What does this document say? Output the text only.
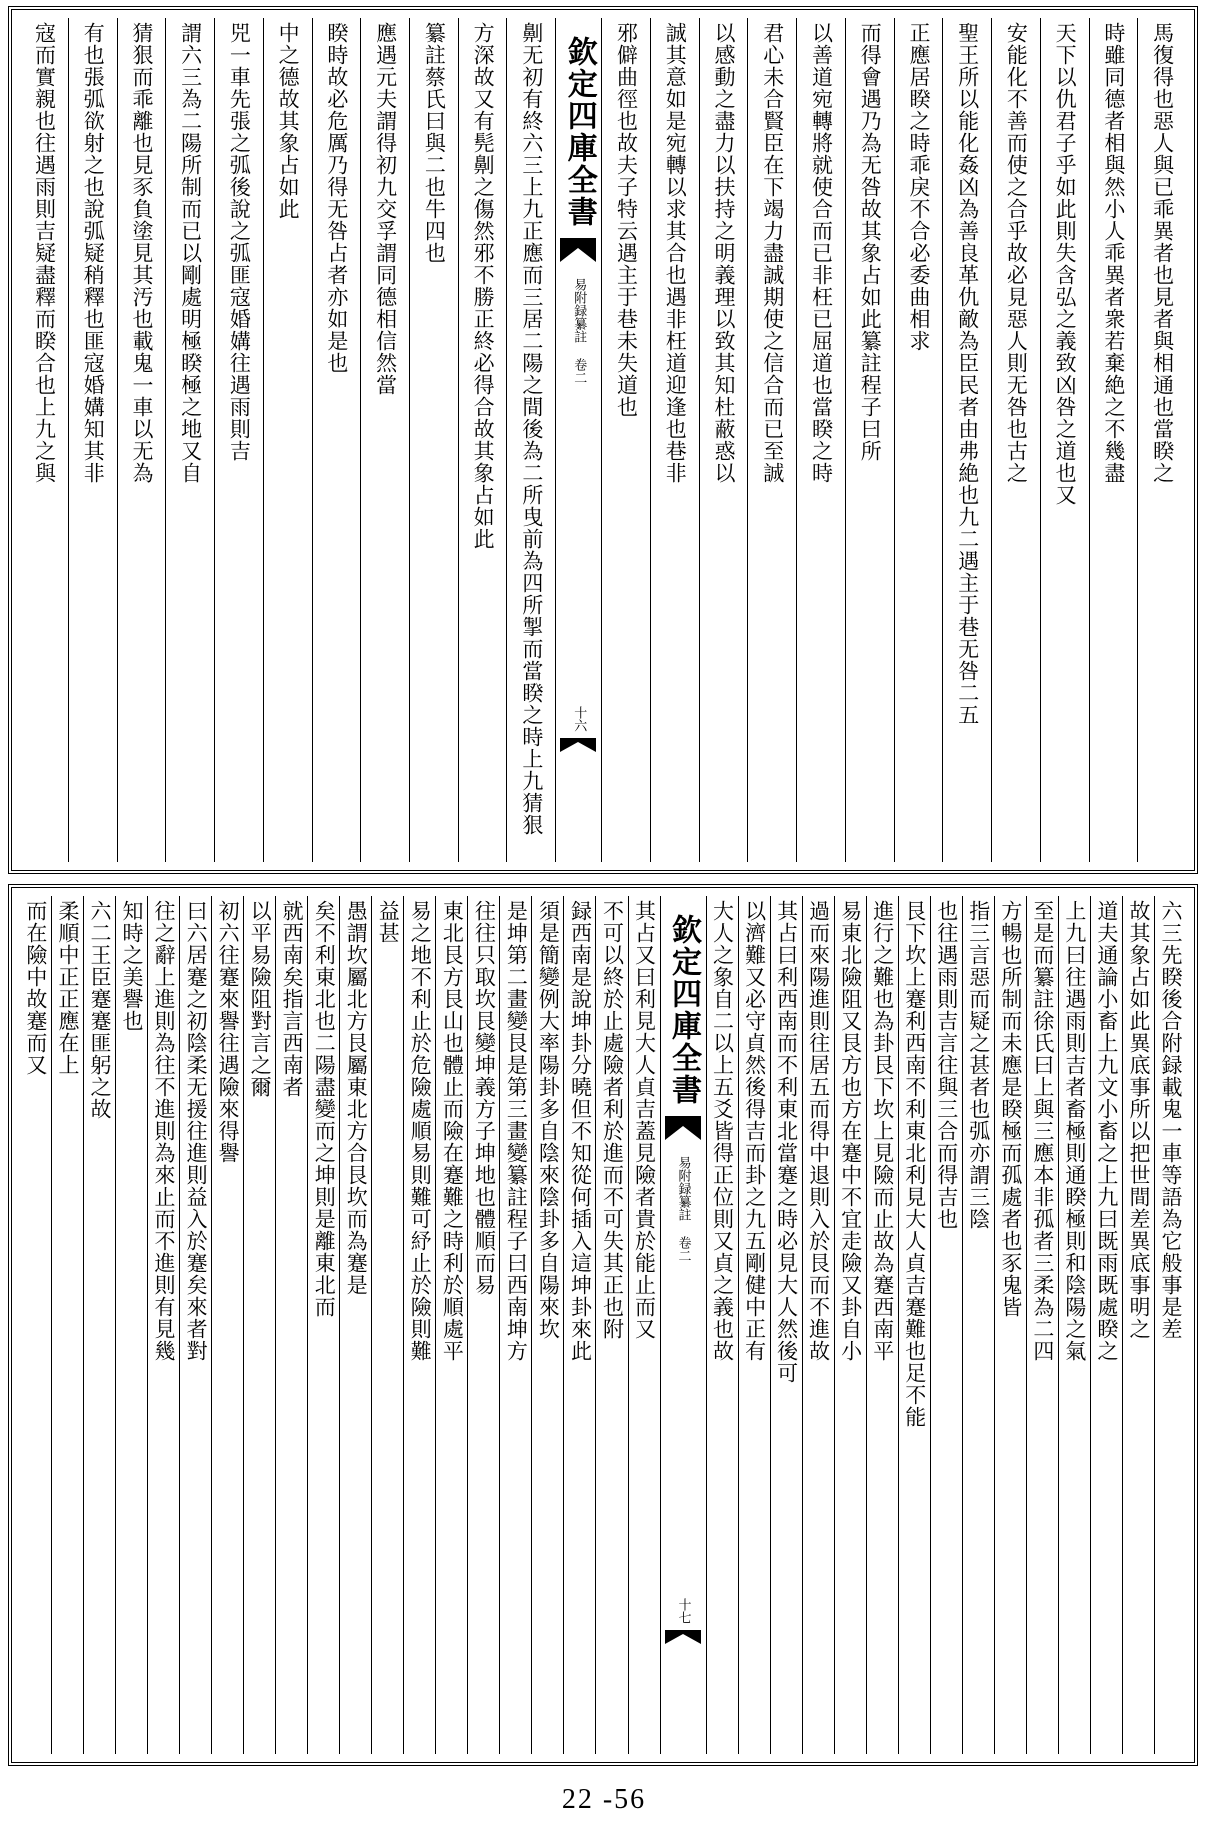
馬復得也惡人與已乖異者也見者與相通也當睽之
時雖同德者相與然小人乖異者衆若棄絶之不幾盡
天下以仇君子乎如此則失含弘之義致凶咎之道也又
安能化不善而使之合乎故必見惡人則无咎也古之
聖王所以能化姦凶為善良革仇敵為臣民者由弗絶也九二遇主于巷无咎二五
正應居睽之時乖戾不合必委曲相求
而得會遇乃為无咎故其象占如此纂註程子曰所
以善道宛轉將就使合而已非枉已屈道也當睽之時
君心未合賢臣在下竭力盡誠期使之信合而已至誠
以感動之盡力以扶持之明義理以致其知杜蔽惑以
誠其意如是宛轉以求其合也遇非枉道迎逢也巷非
邪僻曲徑也故夫子特云遇主于巷未失道也
欽定四庫全書
易附録纂註 卷二
十六
劓无初有終六三上九正應而三居二陽之間後為二所曳前為四所掣而當睽之時上九猜狠
方深故又有髡劓之傷然邪不勝正終必得合故其象占如此
纂註蔡氏曰與二也牛四也
應遇元夫謂得初九交孚謂同德相信然當
睽時故必危厲乃得无咎占者亦如是也
中之德故其象占如此
兕一車先張之弧後說之弧匪寇婚媾往遇雨則吉
謂六三為二陽所制而已以剛處明極睽極之地又自
猜狠而乖離也見豕負塗見其汚也載鬼一車以无為
有也張弧欲射之也說弧疑稍釋也匪寇婚媾知其非
寇而實親也往遇雨則吉疑盡釋而睽合也上九之與
六三先睽後合附録載鬼一車等語為它般事是差
故其象占如此異底事所以把世間差異底事明之
道夫通論小畜上九文小畜之上九曰既雨既處睽之
上九曰往遇雨則吉者畜極則通睽極則和陰陽之氣
至是而纂註徐氏曰上與三應本非孤者三柔為二四
方暢也所制而未應是睽極而孤處者也豕鬼皆
指三言惡而疑之甚者也弧亦謂三陰
也往遇雨則吉言往與三合而得吉也
艮下坎上蹇利西南不利東北利見大人貞吉蹇難也足不能
進行之難也為卦艮下坎上見險而止故為蹇西南平
易東北險阻又艮方也方在蹇中不宜走險又卦自小
過而來陽進則往居五而得中退則入於艮而不進故
其占曰利西南而不利東北當蹇之時必見大人然後可
以濟難又必守貞然後得吉而卦之九五剛健中正有
大人之象自二以上五爻皆得正位則又貞之義也故
欽定四庫全書
易附録纂註 卷二
十七
其占又曰利見大人貞吉蓋見險者貴於能止而又
不可以終於止處險者利於進而不可失其正也附
録西南是說坤卦分曉但不知從何插入這坤卦來此
須是簡變例大率陽卦多自陰來陰卦多自陽來坎
是坤第二畫變艮是第三畫變纂註程子曰西南坤方
往往只取坎艮變坤義方子坤地也體順而易
東北艮方艮山也體止而險在蹇難之時利於順處平
易之地不利止於危險處順易則難可紓止於險則難
益甚
愚謂坎屬北方艮屬東北方合艮坎而為蹇是
矣不利東北也二陽盡變而之坤則是離東北而
就西南矣指言西南者
以平易險阻對言之爾
初六往蹇來譽往遇險來得譽
曰六居蹇之初陰柔无援往進則益入於蹇矣來者對
往之辭上進則為往不進則為來止而不進則有見幾
知時之美譽也
六二王臣蹇蹇匪躬之故
柔順中正正應在上
而在險中故蹇而又
22 -56
